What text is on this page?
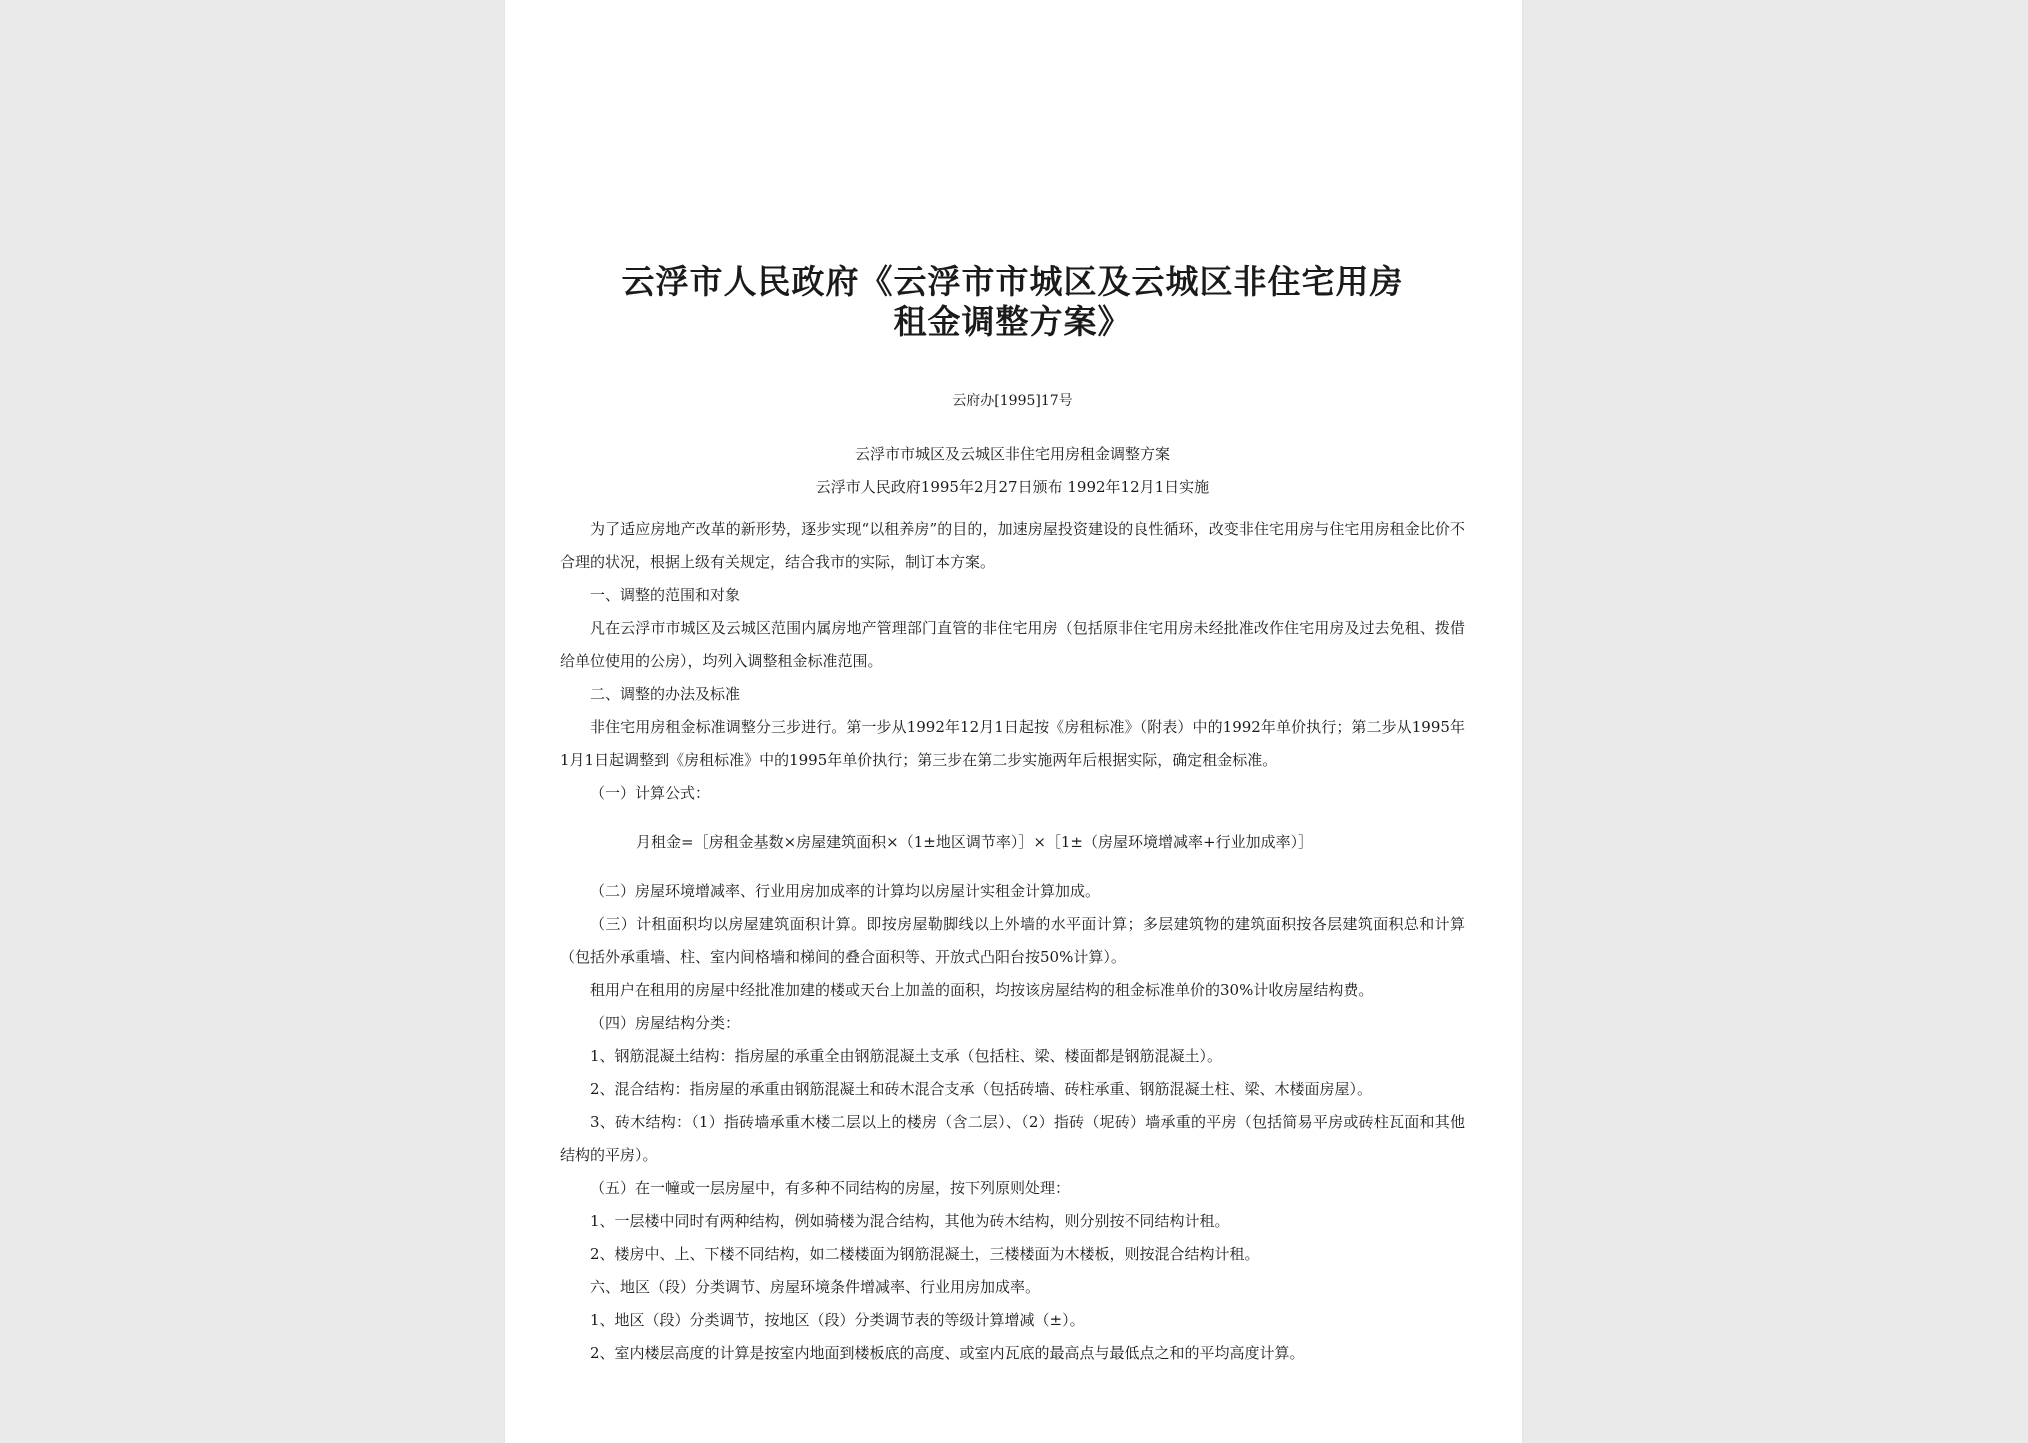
云浮市人民政府《云浮市市城区及云城区非住宅用房
租金调整方案》
云府办[1995]17号
云浮市市城区及云城区非住宅用房租金调整方案
云浮市人民政府1995年2月27日颁布 1992年12月1日实施

为了适应房地产改革的新形势，逐步实现“以租养房”的目的，加速房屋投资建设的良性循环，改变非住宅用房与住宅用房租金比价不合理的状况，根据上级有关规定，结合我市的实际，制订本方案。

一、调整的范围和对象

凡在云浮市市城区及云城区范围内属房地产管理部门直管的非住宅用房（包括原非住宅用房未经批准改作住宅用房及过去免租、拨借给单位使用的公房），均列入调整租金标准范围。

二、调整的办法及标准

非住宅用房租金标准调整分三步进行。第一步从1992年12月1日起按《房租标准》（附表）中的1992年单价执行；第二步从1995年1月1日起调整到《房租标准》中的1995年单价执行；第三步在第二步实施两年后根据实际，确定租金标准。

（一）计算公式：

月租金=［房租金基数×房屋建筑面积×（1±地区调节率）］×［1±（房屋环境增减率+行业加成率）］

（二）房屋环境增减率、行业用房加成率的计算均以房屋计实租金计算加成。

（三）计租面积均以房屋建筑面积计算。即按房屋勒脚线以上外墙的水平面计算；多层建筑物的建筑面积按各层建筑面积总和计算（包括外承重墙、柱、室内间格墙和梯间的叠合面积等、开放式凸阳台按50%计算）。

租用户在租用的房屋中经批准加建的楼或天台上加盖的面积，均按该房屋结构的租金标准单价的30%计收房屋结构费。

（四）房屋结构分类：

1、钢筋混凝土结构：指房屋的承重全由钢筋混凝土支承（包括柱、梁、楼面都是钢筋混凝土）。

2、混合结构：指房屋的承重由钢筋混凝土和砖木混合支承（包括砖墙、砖柱承重、钢筋混凝土柱、梁、木楼面房屋）。

3、砖木结构：（1）指砖墙承重木楼二层以上的楼房（含二层）、（2）指砖（坭砖）墙承重的平房（包括简易平房或砖柱瓦面和其他结构的平房）。

（五）在一幢或一层房屋中，有多种不同结构的房屋，按下列原则处理：

1、一层楼中同时有两种结构，例如骑楼为混合结构，其他为砖木结构，则分别按不同结构计租。

2、楼房中、上、下楼不同结构，如二楼楼面为钢筋混凝土，三楼楼面为木楼板，则按混合结构计租。

六、地区（段）分类调节、房屋环境条件增减率、行业用房加成率。

1、地区（段）分类调节，按地区（段）分类调节表的等级计算增减（±）。

2、室内楼层高度的计算是按室内地面到楼板底的高度、或室内瓦底的最高点与最低点之和的平均高度计算。
